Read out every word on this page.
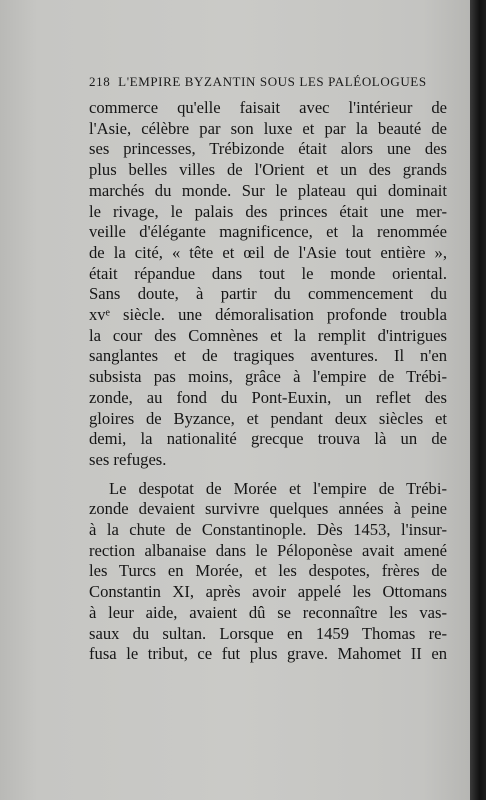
218 L'EMPIRE BYZANTIN SOUS LES PALÉOLOGUES

commerce qu'elle faisait avec l'intérieur de

l'Asie, célèbre par son luxe et par la beauté de

ses princesses, Trébizonde était alors une des

plus belles villes de l'Orient et un des grands

marchés du monde. Sur le plateau qui dominait

le rivage, le palais des princes était une mer-

veille d'élégante magnificence, et la renommée

de la cité, « tête et œil de l'Asie tout entière »,

était répandue dans tout le monde oriental.

Sans doute, à partir du commencement du

xvᵉ siècle. une démoralisation profonde troubla

la cour des Comnènes et la remplit d'intrigues

sanglantes et de tragiques aventures. Il n'en

subsista pas moins, grâce à l'empire de Trébi-

zonde, au fond du Pont-Euxin, un reflet des

gloires de Byzance, et pendant deux siècles et

demi, la nationalité grecque trouva là un de

ses refuges.

Le despotat de Morée et l'empire de Trébi-

zonde devaient survivre quelques années à peine

à la chute de Constantinople. Dès 1453, l'insur-

rection albanaise dans le Péloponèse avait amené

les Turcs en Morée, et les despotes, frères de

Constantin XI, après avoir appelé les Ottomans

à leur aide, avaient dû se reconnaître les vas-

saux du sultan. Lorsque en 1459 Thomas re-

fusa le tribut, ce fut plus grave. Mahomet II en
